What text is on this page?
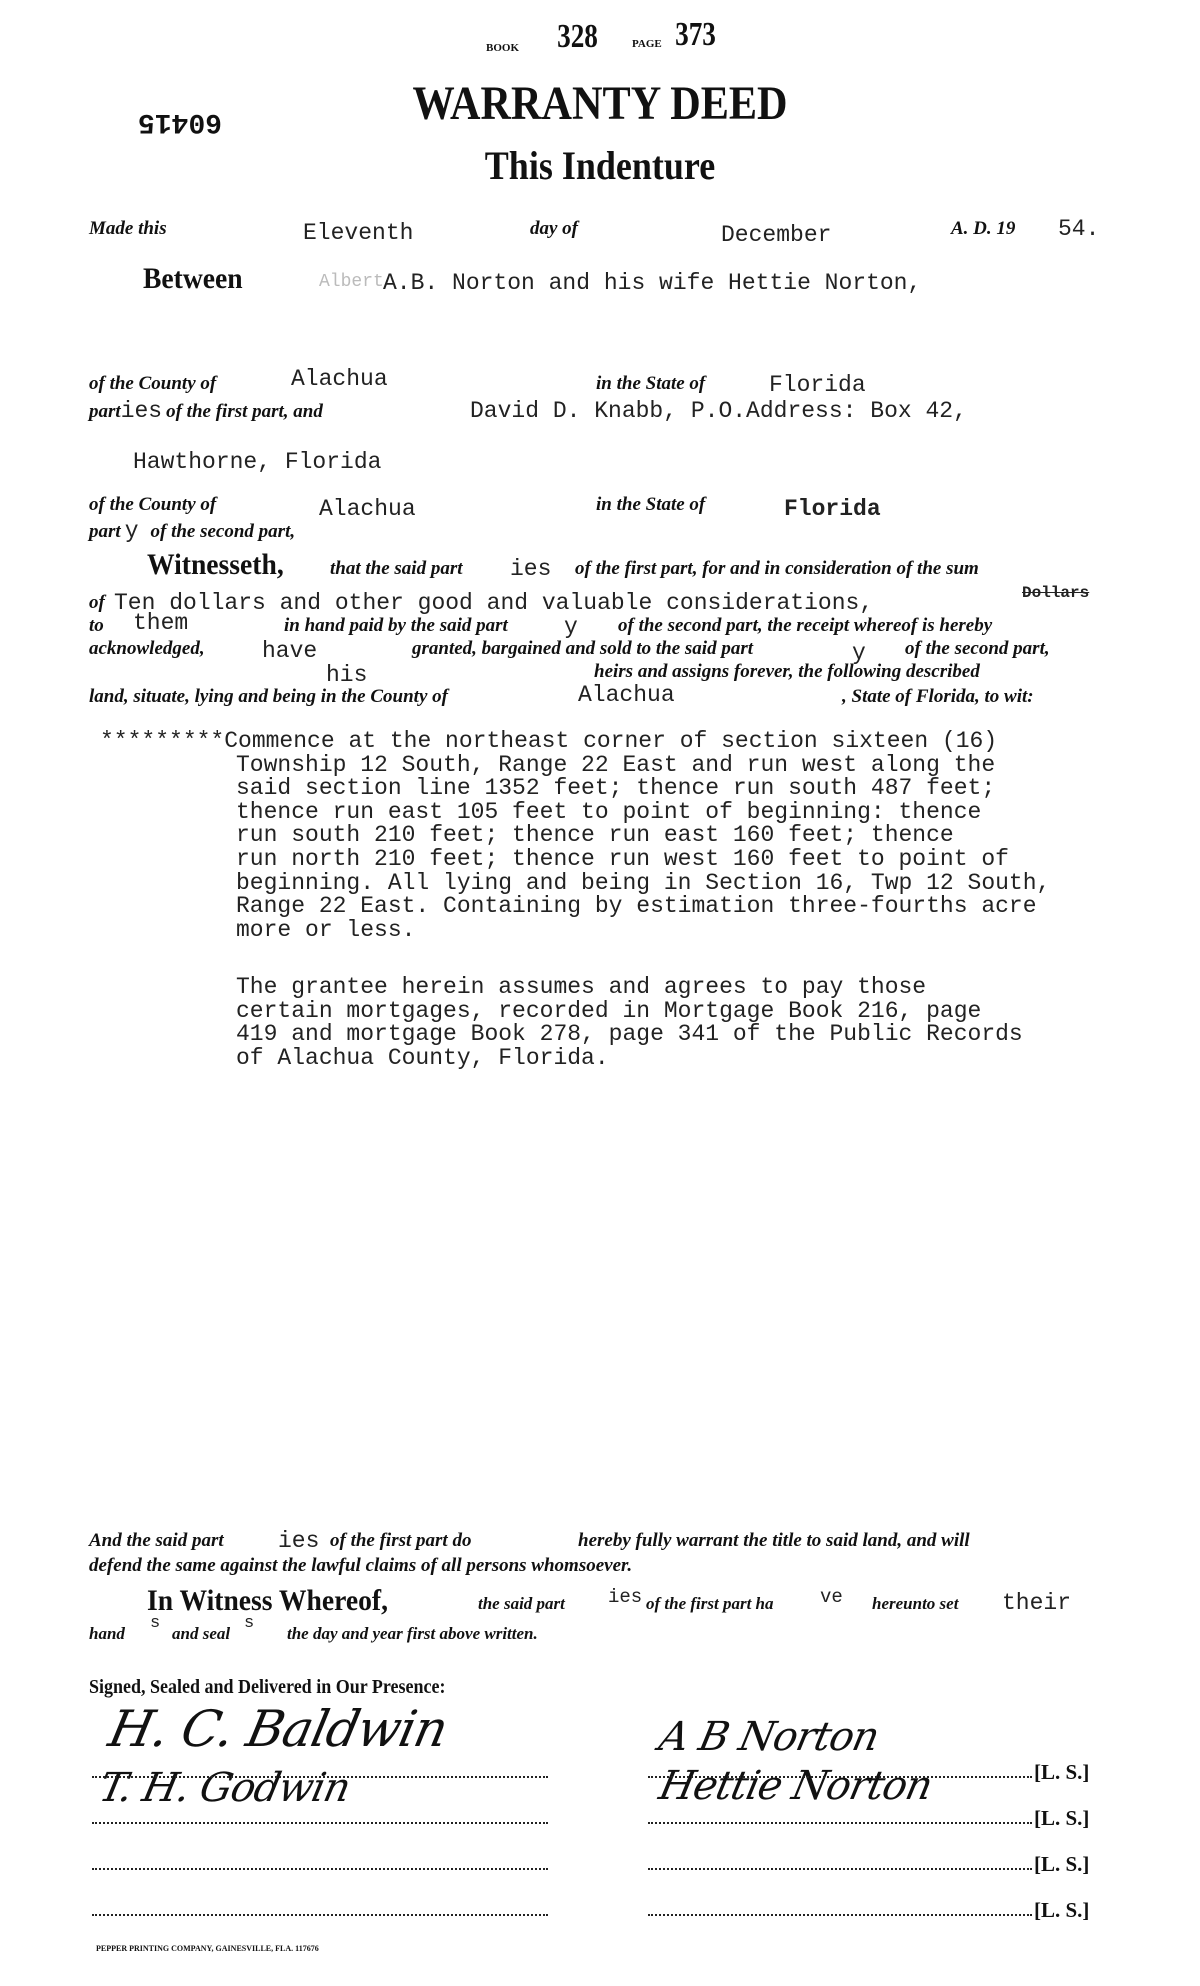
BOOK 328	PAGE 373
60415	WARRANTY DEED
This Indenture
Made this	Eleventh	day of	December	A. D. 19 54.
Between	Albert A.B. Norton and his wife Hettie Norton,
of the County of	Alachua	in the State of	Florida
parties of the first part, and	David D. Knabb, P.O.Address: Box 42,
Hawthorne, Florida
of the County of	Alachua	in the State of	Florida
part y of the second part,
Witnesseth, that the said part ies of the first part, for and in consideration of the sum
of Ten dollars and other good and valuable considerations,	Dollars
to them	in hand paid by the said part y of the second part, the receipt whereof is hereby
acknowledged, have	granted, bargained and sold to the said part	y of the second part,
his	heirs and assigns forever, the following described
land, situate, lying and being in the County of	Alachua	, State of Florida, to wit:
*********Commence at the northeast corner of section sixteen (16)
Township 12 South, Range 22 East and run west along the
said section line 1352 feet; thence run south 487 feet;
thence run east 105 feet to point of beginning: thence
run south 210 feet; thence run east 160 feet; thence
run north 210 feet; thence run west 160 feet to point of
beginning. All lying and being in Section 16, Twp 12 South,
Range 22 East. Containing by estimation three-fourths acre
more or less.
The grantee herein assumes and agrees to pay those
certain mortgages, recorded in Mortgage Book 216, page
419 and mortgage Book 278, page 341 of the Public Records
of Alachua County, Florida.
And the said part ies of the first part do	hereby fully warrant the title to said land, and will
defend the same against the lawful claims of all persons whomsoever.
In Witness Whereof,	the said part ies of the first part ha ve hereunto set their
hand
s
and seal
s
the day and year first above written.
Signed, Sealed and Delivered in Our Presence:
H. C. Baldwin
T. H. Godwin
A B Norton
Hettie Norton	[L. S.]
[L. S.]
[L. S.]
[L. S.]
PEPPER PRINTING COMPANY, GAINESVILLE, FLA. 117676
